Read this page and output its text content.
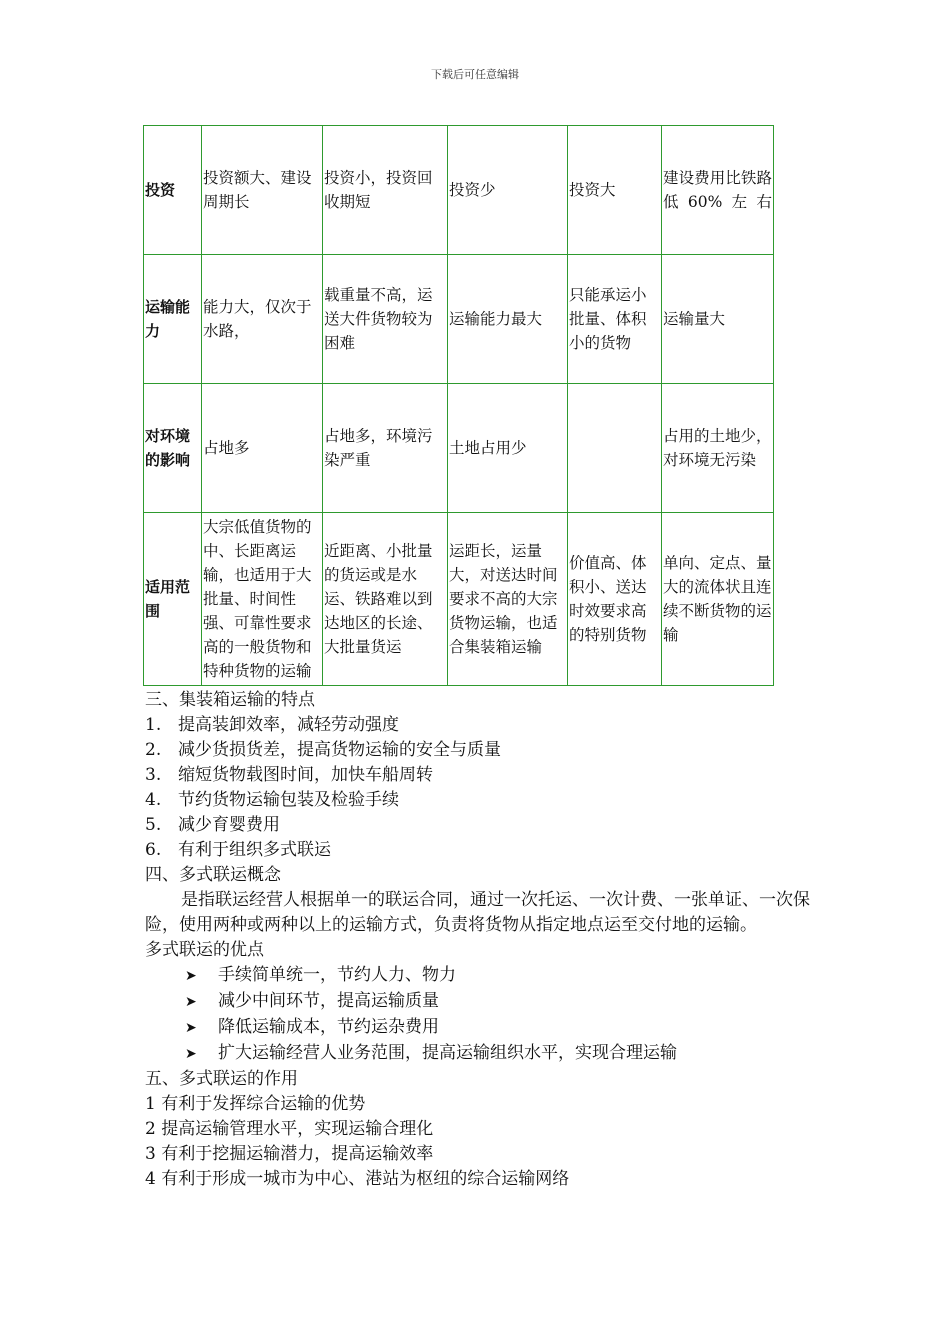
下载后可任意编辑
投资	投资额大、建设周期长	投资小，投资回收期短	投资少	投资大	建设费用比铁路低60%左右
运输能力	能力大，仅次于水路，	载重量不高，运送大件货物较为困难	运输能力最大	只能承运小批量、体积小的货物	运输量大
对环境的影响	占地多	占地多，环境污染严重	土地占用少		占用的土地少，对环境无污染
适用范围	大宗低值货物的中、长距离运输，也适用于大批量、时间性强、可靠性要求高的一般货物和特种货物的运输	近距离、小批量的货运或是水运、铁路难以到达地区的长途、大批量货运	运距长，运量大，对送达时间要求不高的大宗货物运输，也适合集装箱运输	价值高、体积小、送达时效要求高的特别货物	单向、定点、量大的流体状且连续不断货物的运输
三、集装箱运输的特点
1. 提高装卸效率，减轻劳动强度
2. 减少货损货差，提高货物运输的安全与质量
3. 缩短货物载图时间，加快车船周转
4. 节约货物运输包装及检验手续
5. 减少育婴费用
6. 有利于组织多式联运
四、多式联运概念
是指联运经营人根据单一的联运合同，通过一次托运、一次计费、一张单证、一次保险，使用两种或两种以上的运输方式，负责将货物从指定地点运至交付地的运输。
多式联运的优点
➤ 手续简单统一，节约人力、物力
➤ 减少中间环节，提高运输质量
➤ 降低运输成本，节约运杂费用
➤ 扩大运输经营人业务范围，提高运输组织水平，实现合理运输
五、多式联运的作用
1 有利于发挥综合运输的优势
2 提高运输管理水平，实现运输合理化
3 有利于挖掘运输潜力，提高运输效率
4 有利于形成一城市为中心、港站为枢纽的综合运输网络
